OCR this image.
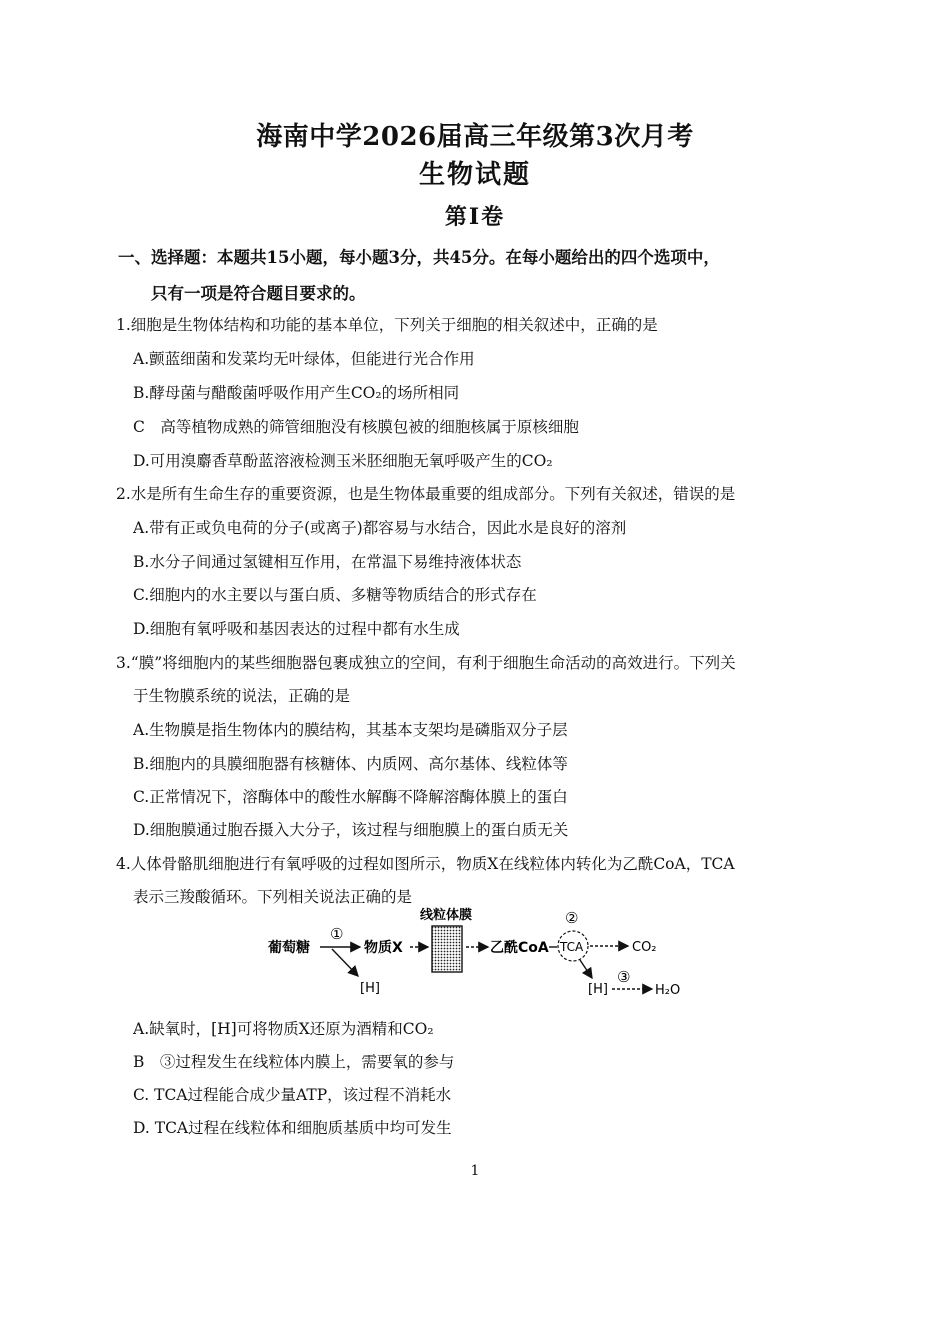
海南中学2026届高三年级第3次月考
生物试题
第Ⅰ卷
一、选择题：本题共15小题，每小题3分，共45分。在每小题给出的四个选项中，
只有一项是符合题目要求的。
1.细胞是生物体结构和功能的基本单位，下列关于细胞的相关叙述中，正确的是
A.颤蓝细菌和发菜均无叶绿体，但能进行光合作用
B.酵母菌与醋酸菌呼吸作用产生CO₂的场所相同
C　高等植物成熟的筛管细胞没有核膜包被的细胞核属于原核细胞
D.可用溴麝香草酚蓝溶液检测玉米胚细胞无氧呼吸产生的CO₂
2.水是所有生命生存的重要资源，也是生物体最重要的组成部分。下列有关叙述，错误的是
A.带有正或负电荷的分子(或离子)都容易与水结合，因此水是良好的溶剂
B.水分子间通过氢键相互作用，在常温下易维持液体状态
C.细胞内的水主要以与蛋白质、多糖等物质结合的形式存在
D.细胞有氧呼吸和基因表达的过程中都有水生成
3.“膜”将细胞内的某些细胞器包裹成独立的空间，有利于细胞生命活动的高效进行。下列关
于生物膜系统的说法，正确的是
A.生物膜是指生物体内的膜结构，其基本支架均是磷脂双分子层
B.细胞内的具膜细胞器有核糖体、内质网、高尔基体、线粒体等
C.正常情况下，溶酶体中的酸性水解酶不降解溶酶体膜上的蛋白
D.细胞膜通过胞吞摄入大分子，该过程与细胞膜上的蛋白质无关
4.人体骨骼肌细胞进行有氧呼吸的过程如图所示，物质X在线粒体内转化为乙酰CoA，TCA
表示三羧酸循环。下列相关说法正确的是
葡萄糖
①
[H]
物质X
线粒体膜
乙酰CoA TCA
②
CO₂
[H]
③
H₂O
A.缺氧时，[H]可将物质X还原为酒精和CO₂
B　③过程发生在线粒体内膜上，需要氧的参与
C. TCA过程能合成少量ATP，该过程不消耗水
D. TCA过程在线粒体和细胞质基质中均可发生
1
